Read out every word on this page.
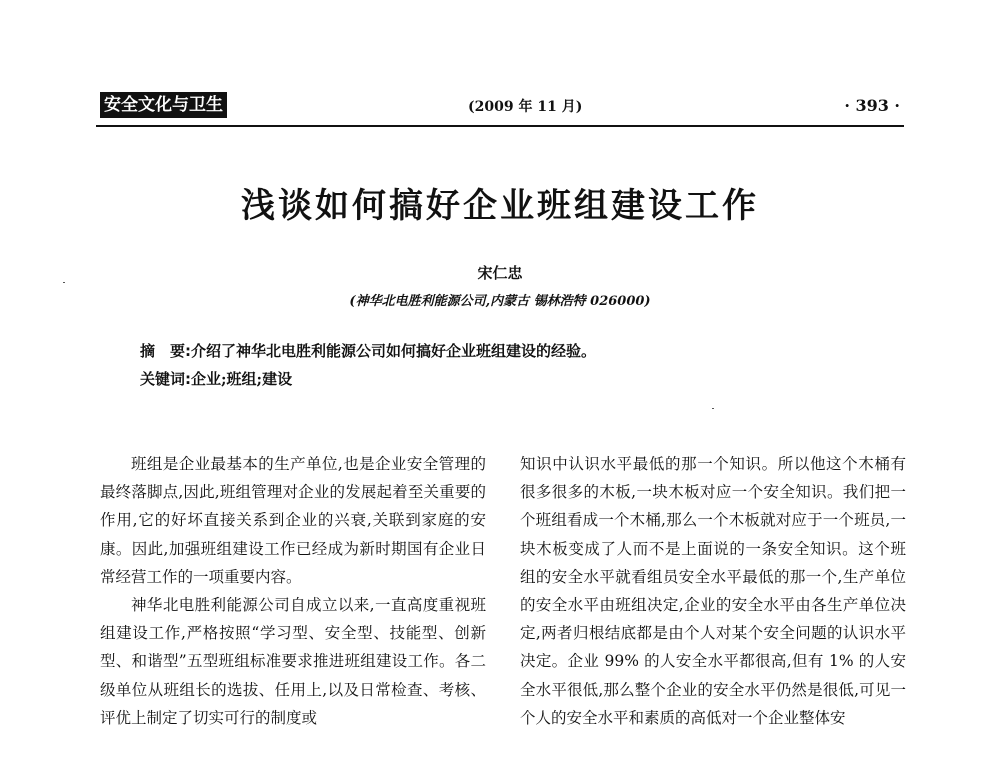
安全文化与卫生	(2009 年 11 月)	· 393 ·
浅谈如何搞好企业班组建设工作
宋仁忠
(神华北电胜利能源公司,内蒙古 锡林浩特 026000)
摘　要:介绍了神华北电胜利能源公司如何搞好企业班组建设的经验。
关键词:企业;班组;建设

班组是企业最基本的生产单位,也是企业安全管理的最终落脚点,因此,班组管理对企业的发展起着至关重要的作用,它的好坏直接关系到企业的兴衰,关联到家庭的安康。因此,加强班组建设工作已经成为新时期国有企业日常经营工作的一项重要内容。

神华北电胜利能源公司自成立以来,一直高度重视班组建设工作,严格按照“学习型、安全型、技能型、创新型、和谐型”五型班组标准要求推进班组建设工作。各二级单位从班组长的选拔、任用上,以及日常检查、考核、评优上制定了切实可行的制度或

知识中认识水平最低的那一个知识。所以他这个木桶有很多很多的木板,一块木板对应一个安全知识。我们把一个班组看成一个木桶,那么一个木板就对应于一个班员,一块木板变成了人而不是上面说的一条安全知识。这个班组的安全水平就看组员安全水平最低的那一个,生产单位的安全水平由班组决定,企业的安全水平由各生产单位决定,两者归根结底都是由个人对某个安全问题的认识水平决定。企业 99% 的人安全水平都很高,但有 1% 的人安全水平很低,那么整个企业的安全水平仍然是很低,可见一个人的安全水平和素质的高低对一个企业整体安
